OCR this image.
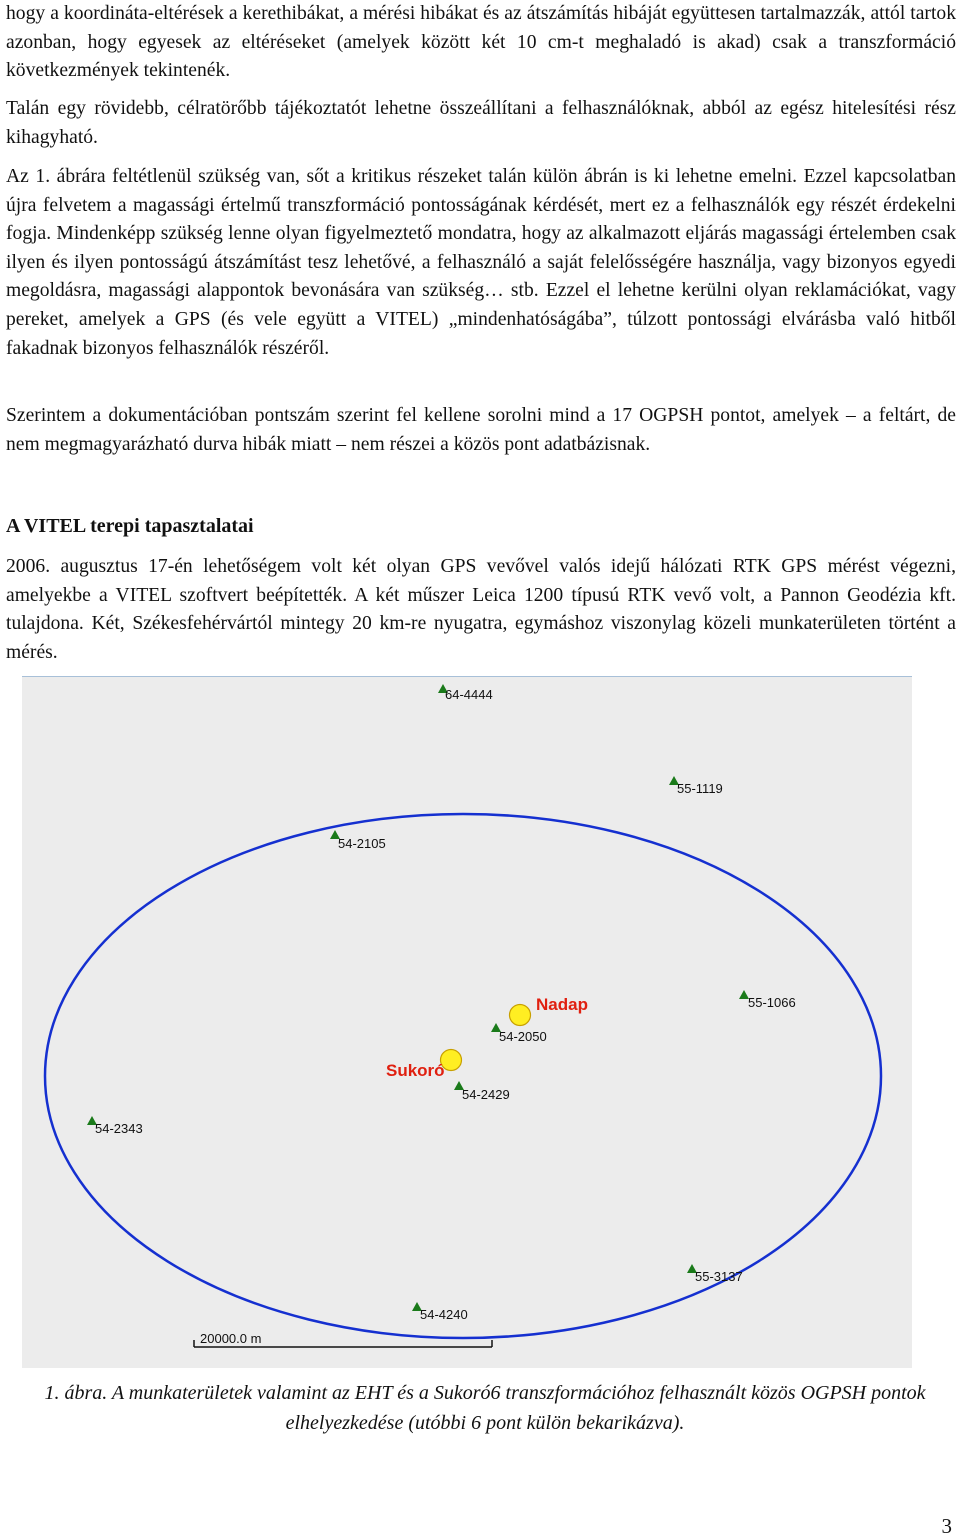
hogy a koordináta-eltérések a kerethibákat, a mérési hibákat és az átszámítás hibáját együttesen tartalmazzák, attól tartok azonban, hogy egyesek az eltéréseket (amelyek között két 10 cm-t meghaladó is akad) csak a transzformáció következmények tekintenék.

Talán egy rövidebb, célratörőbb tájékoztatót lehetne összeállítani a felhasználóknak, abból az egész hitelesítési rész kihagyható.

Az 1. ábrára feltétlenül szükség van, sőt a kritikus részeket talán külön ábrán is ki lehetne emelni. Ezzel kapcsolatban újra felvetem a magassági értelmű transzformáció pontosságának kérdését, mert ez a felhasználók egy részét érdekelni fogja. Mindenképp szükség lenne olyan figyelmeztető mondatra, hogy az alkalmazott eljárás magassági értelemben csak ilyen és ilyen pontosságú átszámítást tesz lehetővé, a felhasználó a saját felelősségére használja, vagy bizonyos egyedi megoldásra, magassági alappontok bevonására van szükség… stb. Ezzel el lehetne kerülni olyan reklamációkat, vagy pereket, amelyek a GPS (és vele együtt a VITEL) „mindenhatóságába”, túlzott pontossági elvárásba való hitből fakadnak bizonyos felhasználók részéről.

Szerintem a dokumentációban pontszám szerint fel kellene sorolni mind a 17 OGPSH pontot, amelyek – a feltárt, de nem megmagyarázható durva hibák miatt – nem részei a közös pont adatbázisnak.

A VITEL terepi tapasztalatai

2006. augusztus 17-én lehetőségem volt két olyan GPS vevővel valós idejű hálózati RTK GPS mérést végezni, amelyekbe a VITEL szoftvert beépítették. A két műszer Leica 1200 típusú RTK vevő volt, a Pannon Geodézia kft. tulajdona. Két, Székesfehérvártól mintegy 20 km-re nyugatra, egymáshoz viszonylag közeli munkaterületen történt a mérés.

64-4444
55-1119
54-2105
55-1066
54-2050
54-2429
54-2343
55-3137
54-4240
Nadap
Sukoró
20000.0 m

1. ábra. A munkaterületek valamint az EHT és a Sukoró6 transzformációhoz felhasznált közös OGPSH pontok elhelyezkedése (utóbbi 6 pont külön bekarikázva).

3
